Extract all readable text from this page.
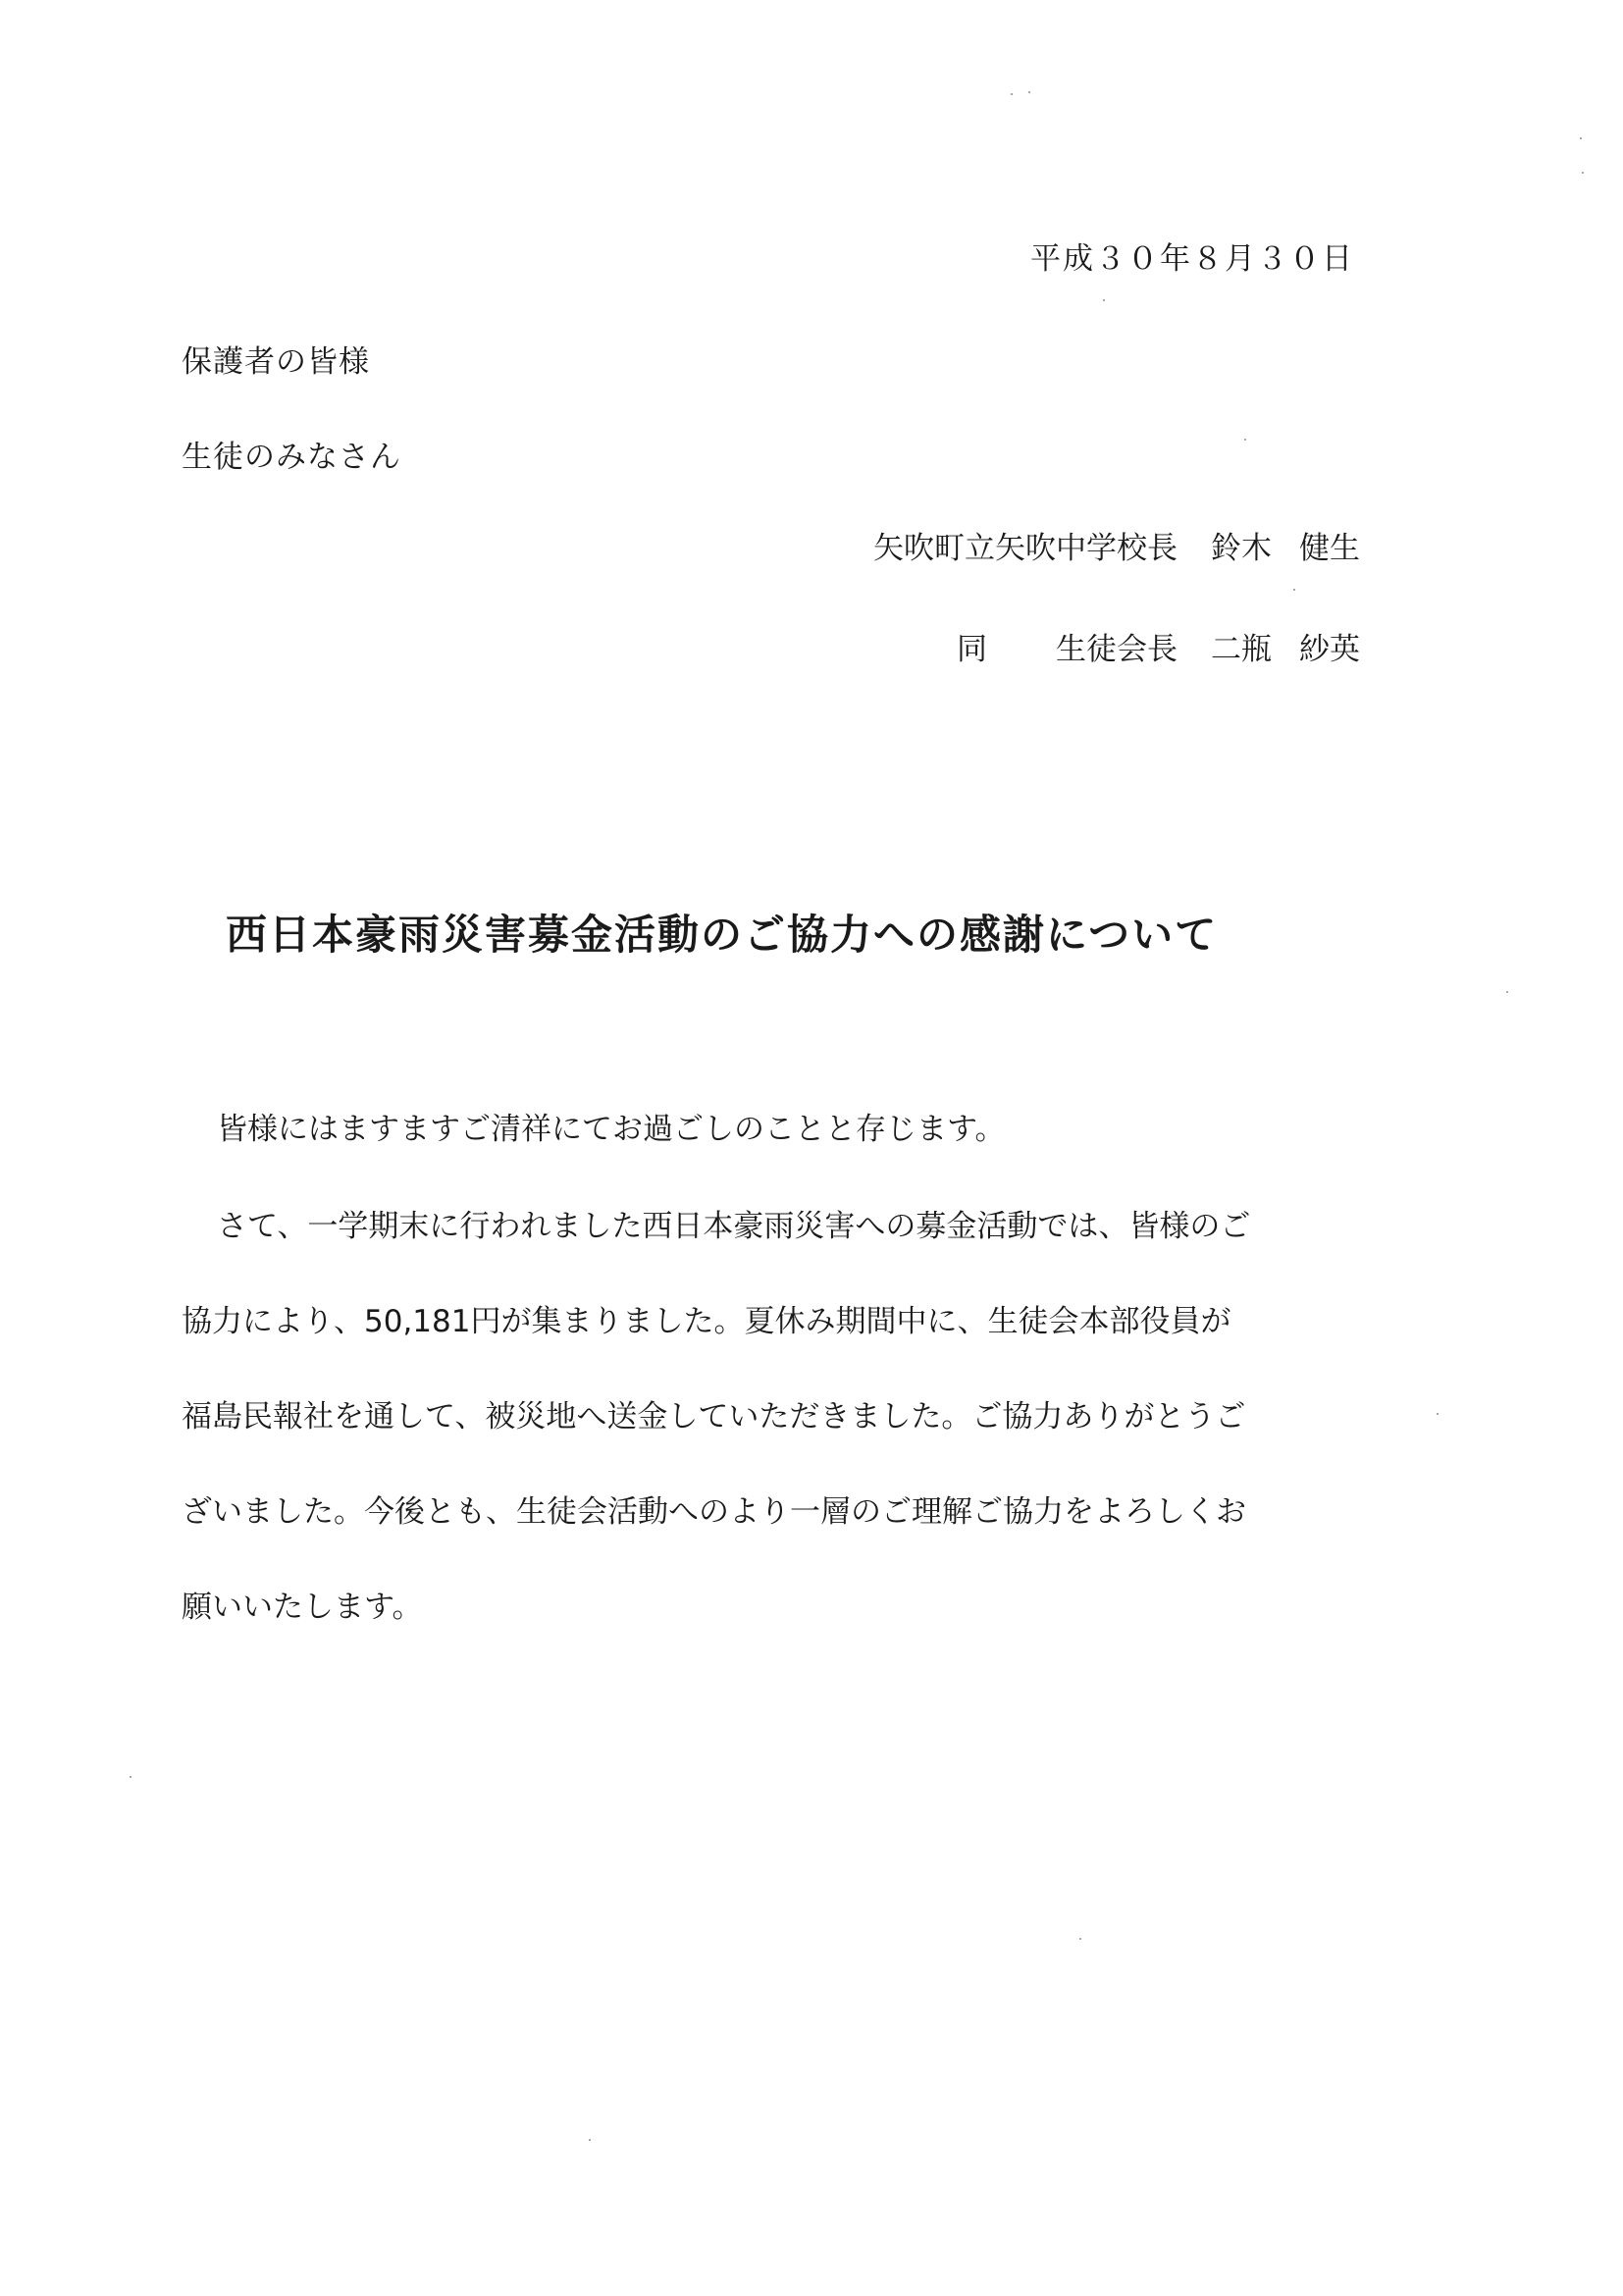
平成３０年８月３０日
保護者の皆様
生徒のみなさん
矢吹町立矢吹中学校長 鈴木 健生
同 生徒会長 二瓶 紗英
西日本豪雨災害募金活動のご協力への感謝について
皆様にはますますご清祥にてお過ごしのことと存じます。
さて、一学期末に行われました西日本豪雨災害への募金活動では、皆様のご
協力により、50,181円が集まりました。夏休み期間中に、生徒会本部役員が
福島民報社を通して、被災地へ送金していただきました。ご協力ありがとうご
ざいました。今後とも、生徒会活動へのより一層のご理解ご協力をよろしくお
願いいたします。
